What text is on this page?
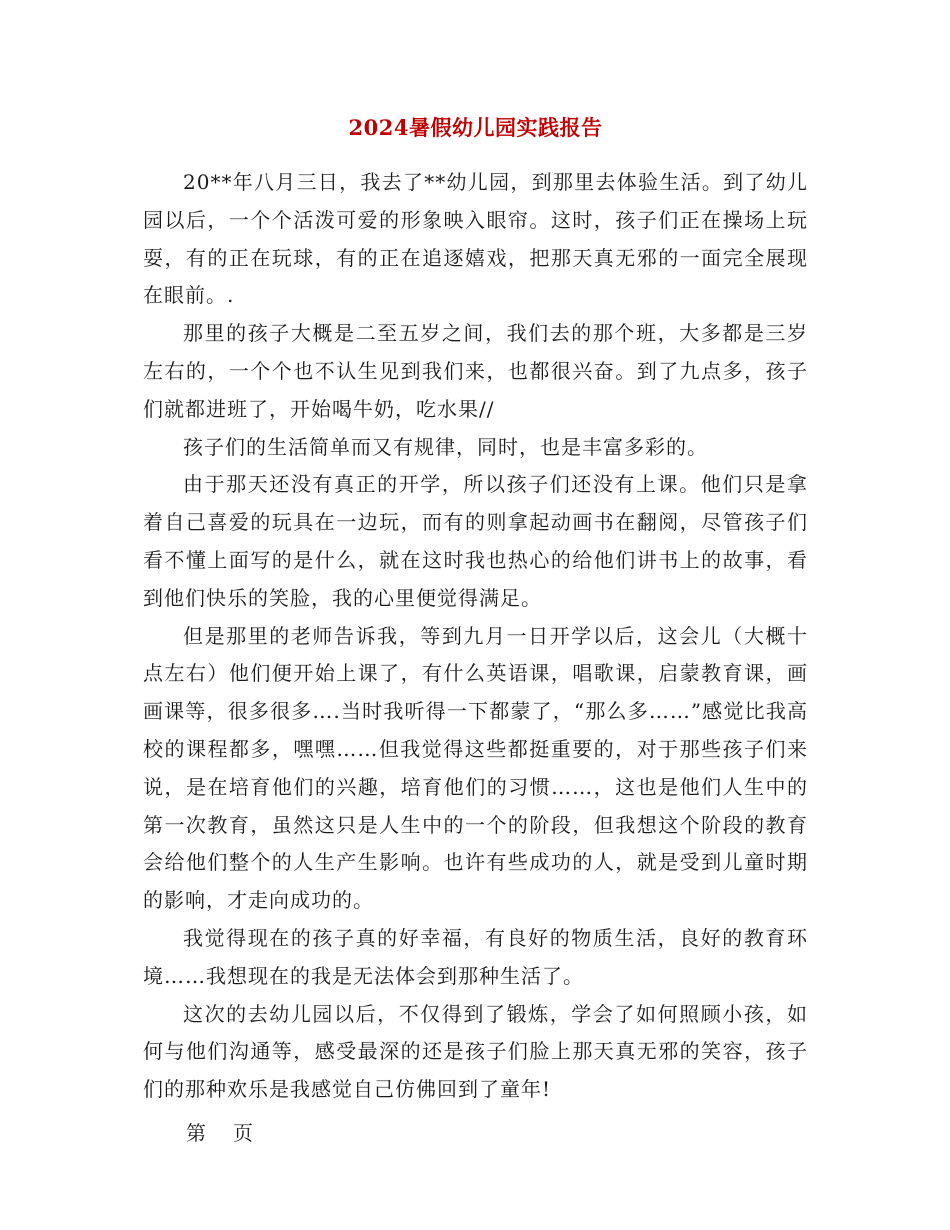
2024暑假幼儿园实践报告

20**年八月三日，我去了**幼儿园，到那里去体验生活。到了幼儿园以后，一个个活泼可爱的形象映入眼帘。这时，孩子们正在操场上玩耍，有的正在玩球，有的正在追逐嬉戏，把那天真无邪的一面完全展现在眼前。.

那里的孩子大概是二至五岁之间，我们去的那个班，大多都是三岁左右的，一个个也不认生见到我们来，也都很兴奋。到了九点多，孩子们就都进班了，开始喝牛奶，吃水果//

孩子们的生活简单而又有规律，同时，也是丰富多彩的。

由于那天还没有真正的开学，所以孩子们还没有上课。他们只是拿着自己喜爱的玩具在一边玩，而有的则拿起动画书在翻阅，尽管孩子们看不懂上面写的是什么，就在这时我也热心的给他们讲书上的故事，看到他们快乐的笑脸，我的心里便觉得满足。

但是那里的老师告诉我，等到九月一日开学以后，这会儿（大概十点左右）他们便开始上课了，有什么英语课，唱歌课，启蒙教育课，画画课等，很多很多….当时我听得一下都蒙了，“那么多……”感觉比我高校的课程都多，嘿嘿……但我觉得这些都挺重要的，对于那些孩子们来说，是在培育他们的兴趣，培育他们的习惯……，这也是他们人生中的第一次教育，虽然这只是人生中的一个的阶段，但我想这个阶段的教育会给他们整个的人生产生影响。也许有些成功的人，就是受到儿童时期的影响，才走向成功的。

我觉得现在的孩子真的好幸福，有良好的物质生活，良好的教育环境……我想现在的我是无法体会到那种生活了。

这次的去幼儿园以后，不仅得到了锻炼，学会了如何照顾小孩，如何与他们沟通等，感受最深的还是孩子们脸上那天真无邪的笑容，孩子们的那种欢乐是我感觉自己仿佛回到了童年!

第 页
